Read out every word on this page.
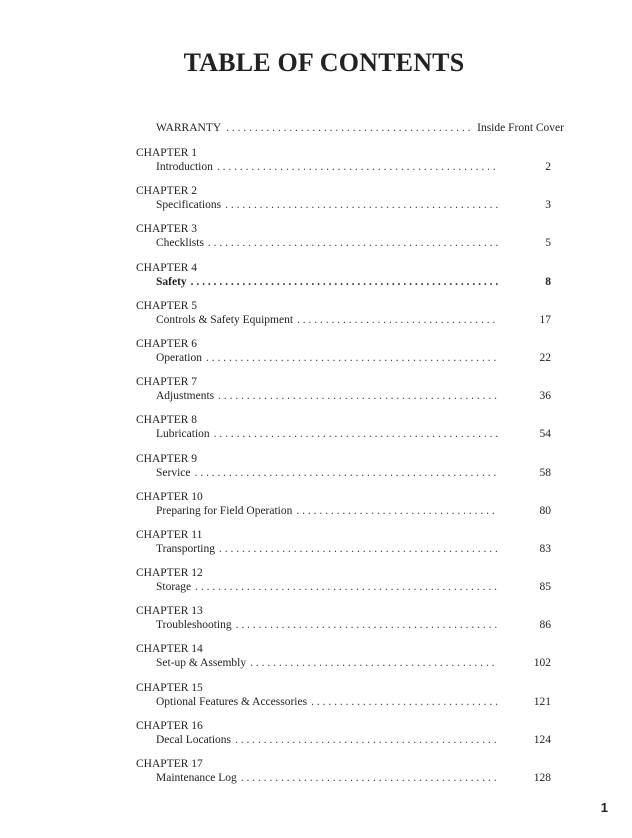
TABLE OF CONTENTS
WARRANTY . . .	Inside Front Cover
CHAPTER 1
Introduction . . .	2
CHAPTER 2
Specifications . . .	3
CHAPTER 3
Checklists . . .	5
CHAPTER 4
Safety . . .	8
CHAPTER 5
Controls & Safety Equipment . . .	17
CHAPTER 6
Operation . . .	22
CHAPTER 7
Adjustments . . .	36
CHAPTER 8
Lubrication . . .	54
CHAPTER 9
Service . . .	58
CHAPTER 10
Preparing for Field Operation . . .	80
CHAPTER 11
Transporting . . .	83
CHAPTER 12
Storage . . .	85
CHAPTER 13
Troubleshooting . . .	86
CHAPTER 14
Set-up & Assembly . . .	102
CHAPTER 15
Optional Features & Accessories . . .	121
CHAPTER 16
Decal Locations . . .	124
CHAPTER 17
Maintenance Log . . .	128
1
